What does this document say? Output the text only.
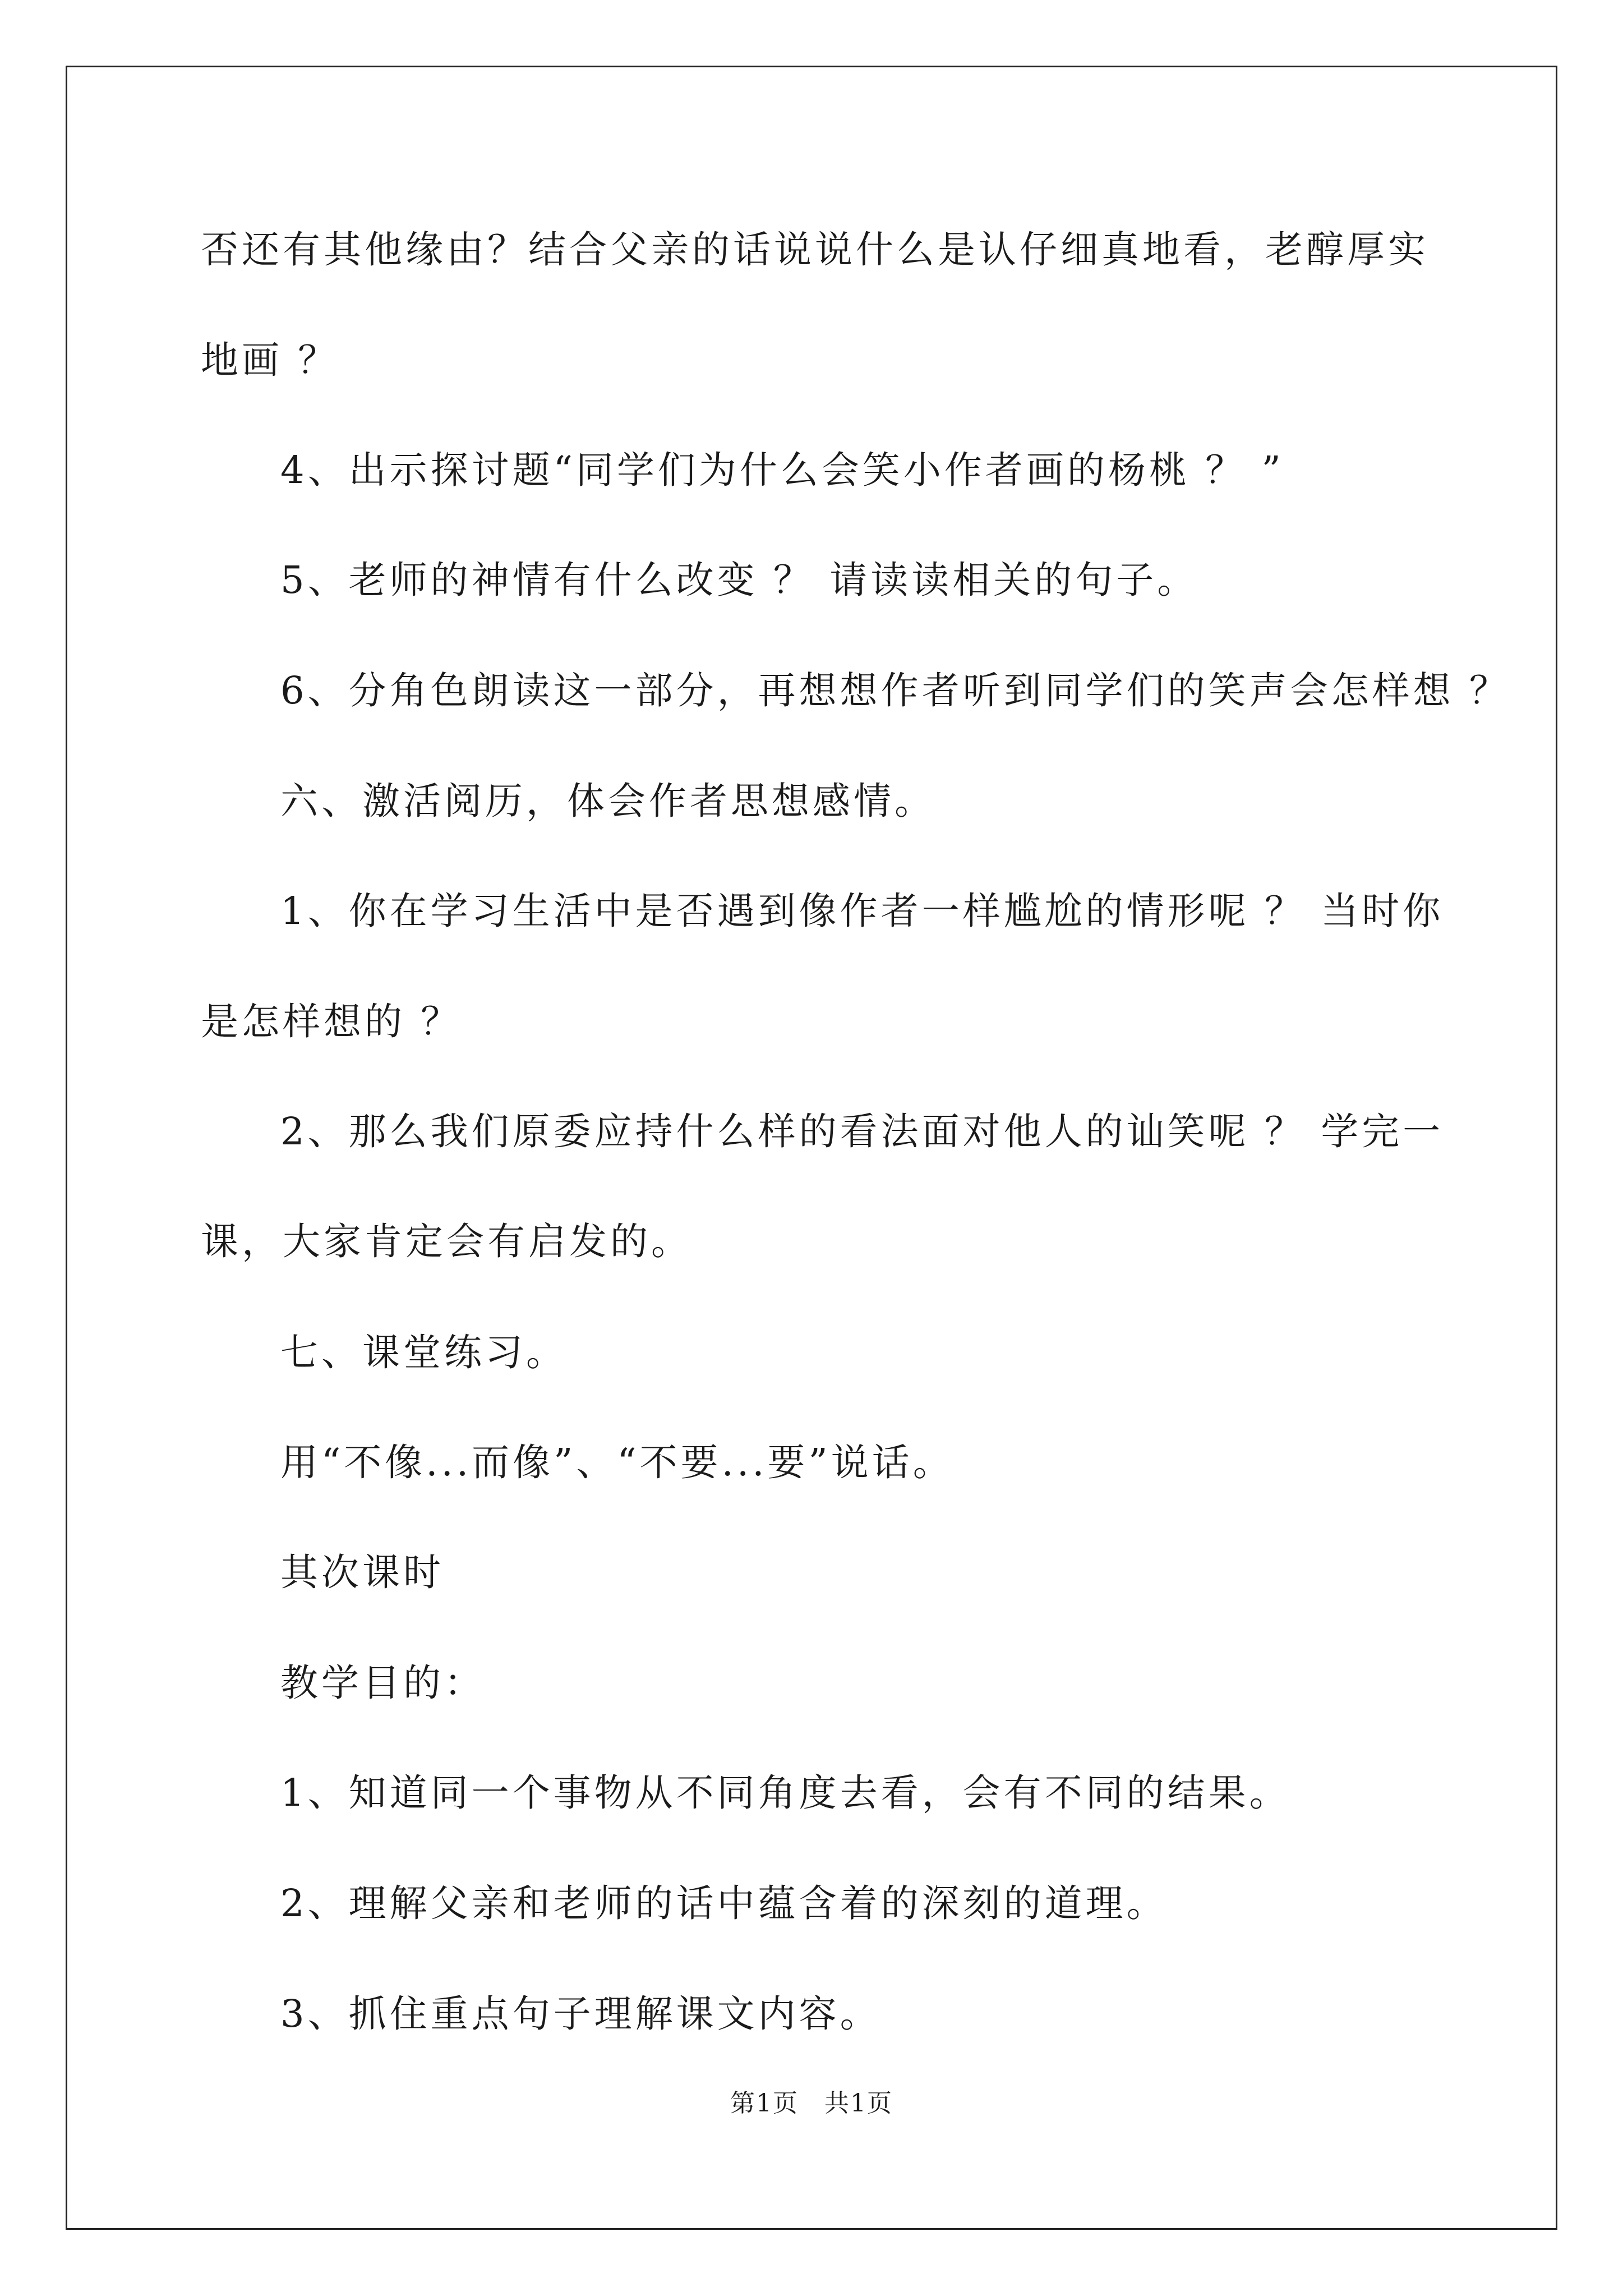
否还有其他缘由？结合父亲的话说说什么是认仔细真地看，老醇厚实
地画 ？
4、出示探讨题“同学们为什么会笑小作者画的杨桃 ？ ”
5、老师的神情有什么改变 ？ 请读读相关的句子。
6、分角色朗读这一部分，再想想作者听到同学们的笑声会怎样想 ？
六、激活阅历，体会作者思想感情。
1、你在学习生活中是否遇到像作者一样尴尬的情形呢 ？ 当时你
是怎样想的 ？
2、那么我们原委应持什么样的看法面对他人的讪笑呢 ？ 学完一
课，大家肯定会有启发的。
七、课堂练习。
用“不像...而像”、“不要...要”说话。
其次课时
教学目的：
1、知道同一个事物从不同角度去看，会有不同的结果。
2、理解父亲和老师的话中蕴含着的深刻的道理。
3、抓住重点句子理解课文内容。
第1页 共1页
